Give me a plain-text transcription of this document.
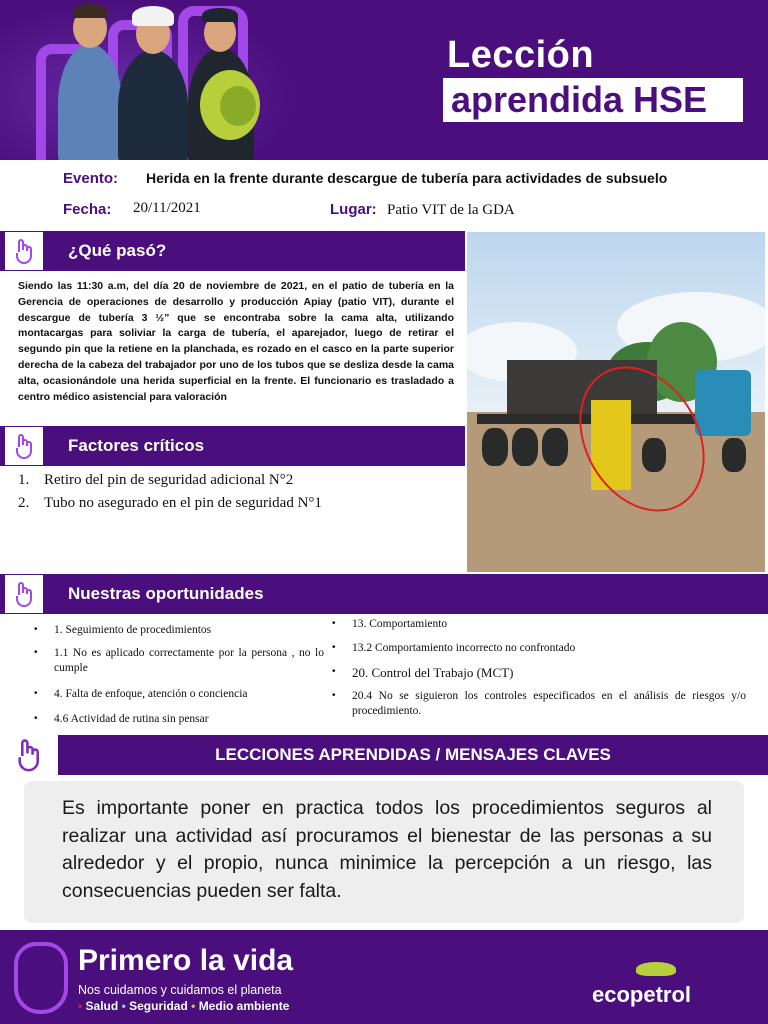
Lección
aprendida HSE
Evento: Herida en la frente durante descargue de tubería para actividades de subsuelo
Fecha: 20/11/2021	Lugar: Patio VIT de la GDA
¿Qué pasó?
Siendo las 11:30 a.m, del día 20 de noviembre de 2021, en el patio de tubería en la Gerencia de operaciones de desarrollo y producción Apiay (patio VIT), durante el descargue de tubería 3 ½” que se encontraba sobre la cama alta, utilizando montacargas para soliviar la carga de tubería, el aparejador, luego de retirar el segundo pin que la retiene en la planchada, es rozado en el casco en la parte superior derecha de la cabeza del trabajador por uno de los tubos que se desliza desde la cama alta, ocasionándole una herida superficial en la frente. El funcionario es trasladado a centro médico asistencial para valoración
Factores críticos
1. Retiro del pin de seguridad adicional N°2
2. Tubo no asegurado en el pin de seguridad N°1
Nuestras oportunidades
• 1. Seguimiento de procedimientos
• 1.1 No es aplicado correctamente por la persona , no lo cumple
• 4. Falta de enfoque, atención o conciencia
• 4.6 Actividad de rutina sin pensar
• 13. Comportamiento
• 13.2 Comportamiento incorrecto no confrontado
• 20. Control del Trabajo (MCT)
• 20.4 No se siguieron los controles especificados en el análisis de riesgos y/o procedimiento.
LECCIONES APRENDIDAS / MENSAJES CLAVES
Es importante poner en practica todos los procedimientos seguros al realizar una actividad así procuramos el bienestar de las personas a su alrededor y el propio, nunca minimice la percepción a un riesgo, las consecuencias pueden ser falta.
Primero la vida
Nos cuidamos y cuidamos el planeta
• Salud • Seguridad • Medio ambiente	ecopetrol
